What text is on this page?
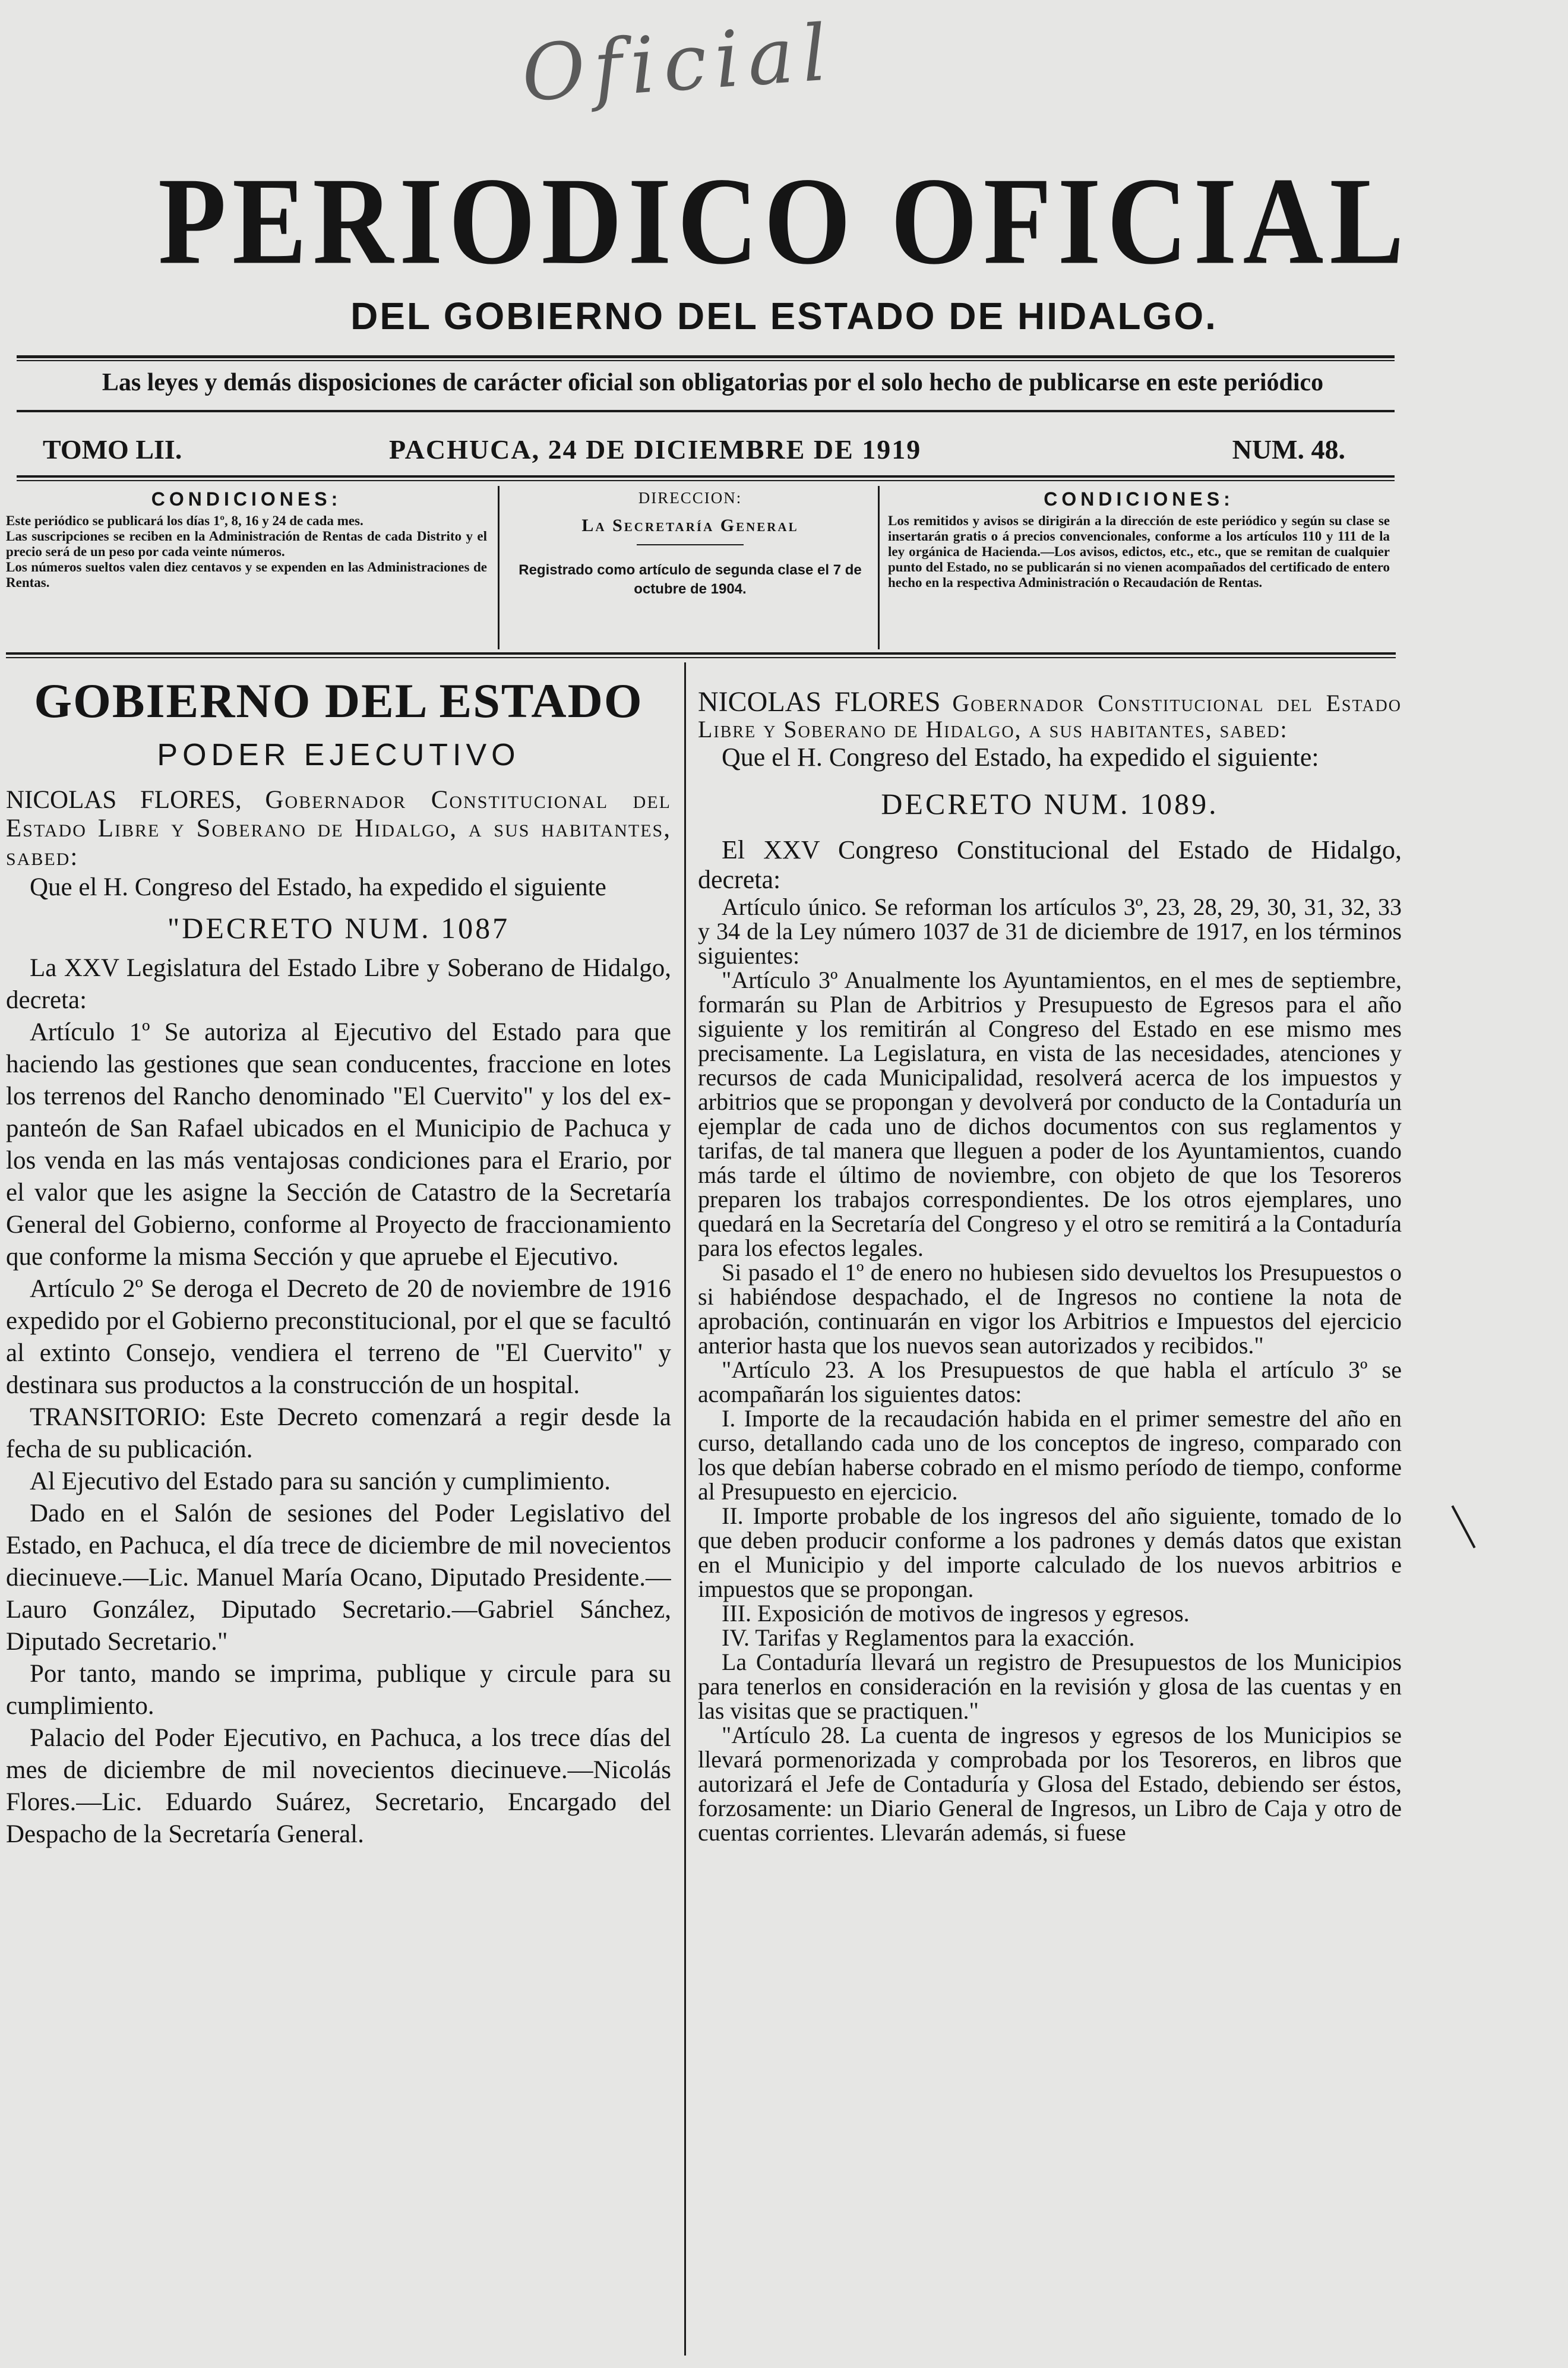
Oficial
PERIODICO OFICIAL
DEL GOBIERNO DEL ESTADO DE HIDALGO.
Las leyes y demás disposiciones de carácter oficial son obligatorias por el solo hecho de publicarse en este periódico
TOMO LII.	PACHUCA, 24 DE DICIEMBRE DE 1919	NUM. 48.
CONDICIONES:

Este periódico se publicará los días 1º, 8, 16 y 24 de cada mes.

Las suscripciones se reciben en la Administración de Rentas de cada Distrito y el precio será de un peso por cada veinte números.

Los números sueltos valen diez centavos y se expenden en las Administraciones de Rentas.

DIRECCION:
La Secretaría General
Registrado como artículo de segunda clase el 7 de octubre de 1904.
CONDICIONES:

Los remitidos y avisos se dirigirán a la dirección de este periódico y según su clase se insertarán gratis o á precios convencionales, conforme a los artículos 110 y 111 de la ley orgánica de Hacienda.—Los avisos, edictos, etc., etc., que se remitan de cualquier punto del Estado, no se publicarán si no vienen acompañados del certificado de entero hecho en la respectiva Administración o Recaudación de Rentas.

GOBIERNO DEL ESTADO
PODER EJECUTIVO

NICOLAS FLORES, Gobernador Constitucional del Estado Libre y Soberano de Hidalgo, a sus habitantes, sabed:

Que el H. Congreso del Estado, ha expedido el siguiente

"DECRETO NUM. 1087

La XXV Legislatura del Estado Libre y Soberano de Hidalgo, decreta:

Artículo 1º Se autoriza al Ejecutivo del Estado para que haciendo las gestiones que sean conducentes, fraccione en lotes los terrenos del Rancho denominado "El Cuervito" y los del ex-panteón de San Rafael ubicados en el Municipio de Pachuca y los venda en las más ventajosas condiciones para el Erario, por el valor que les asigne la Sección de Catastro de la Secretaría General del Gobierno, conforme al Proyecto de fraccionamiento que conforme la misma Sección y que apruebe el Ejecutivo.

Artículo 2º Se deroga el Decreto de 20 de noviembre de 1916 expedido por el Gobierno preconstitucional, por el que se facultó al extinto Consejo, vendiera el terreno de "El Cuervito" y destinara sus productos a la construcción de un hospital.

TRANSITORIO: Este Decreto comenzará a regir desde la fecha de su publicación.

Al Ejecutivo del Estado para su sanción y cumplimiento.

Dado en el Salón de sesiones del Poder Legislativo del Estado, en Pachuca, el día trece de diciembre de mil novecientos diecinueve.—Lic. Manuel María Ocano, Diputado Presidente.—Lauro González, Diputado Secretario.—Gabriel Sánchez, Diputado Secretario."

Por tanto, mando se imprima, publique y circule para su cumplimiento.

Palacio del Poder Ejecutivo, en Pachuca, a los trece días del mes de diciembre de mil novecientos diecinueve.—Nicolás Flores.—Lic. Eduardo Suárez, Secretario, Encargado del Despacho de la Secretaría General.

NICOLAS FLORES Gobernador Constitucional del Estado Libre y Soberano de Hidalgo, a sus habitantes, sabed:

Que el H. Congreso del Estado, ha expedido el siguiente:

DECRETO NUM. 1089.

El XXV Congreso Constitucional del Estado de Hidalgo, decreta:

Artículo único. Se reforman los artículos 3º, 23, 28, 29, 30, 31, 32, 33 y 34 de la Ley número 1037 de 31 de diciembre de 1917, en los términos siguientes:

"Artículo 3º Anualmente los Ayuntamientos, en el mes de septiembre, formarán su Plan de Arbitrios y Presupuesto de Egresos para el año siguiente y los remitirán al Congreso del Estado en ese mismo mes precisamente. La Legislatura, en vista de las necesidades, atenciones y recursos de cada Municipalidad, resolverá acerca de los impuestos y arbitrios que se propongan y devolverá por conducto de la Contaduría un ejemplar de cada uno de dichos documentos con sus reglamentos y tarifas, de tal manera que lleguen a poder de los Ayuntamientos, cuando más tarde el último de noviembre, con objeto de que los Tesoreros preparen los trabajos correspondientes. De los otros ejemplares, uno quedará en la Secretaría del Congreso y el otro se remitirá a la Contaduría para los efectos legales.

Si pasado el 1º de enero no hubiesen sido devueltos los Presupuestos o si habiéndose despachado, el de Ingresos no contiene la nota de aprobación, continuarán en vigor los Arbitrios e Impuestos del ejercicio anterior hasta que los nuevos sean autorizados y recibidos."

"Artículo 23. A los Presupuestos de que habla el artículo 3º se acompañarán los siguientes datos:

I. Importe de la recaudación habida en el primer semestre del año en curso, detallando cada uno de los conceptos de ingreso, comparado con los que debían haberse cobrado en el mismo período de tiempo, conforme al Presupuesto en ejercicio.

II. Importe probable de los ingresos del año siguiente, tomado de lo que deben producir conforme a los padrones y demás datos que existan en el Municipio y del importe calculado de los nuevos arbitrios e impuestos que se propongan.

III. Exposición de motivos de ingresos y egresos.

IV. Tarifas y Reglamentos para la exacción.

La Contaduría llevará un registro de Presupuestos de los Municipios para tenerlos en consideración en la revisión y glosa de las cuentas y en las visitas que se practiquen."

"Artículo 28. La cuenta de ingresos y egresos de los Municipios se llevará pormenorizada y comprobada por los Tesoreros, en libros que autorizará el Jefe de Contaduría y Glosa del Estado, debiendo ser éstos, forzosamente: un Diario General de Ingresos, un Libro de Caja y otro de cuentas corrientes. Llevarán además, si fuese
